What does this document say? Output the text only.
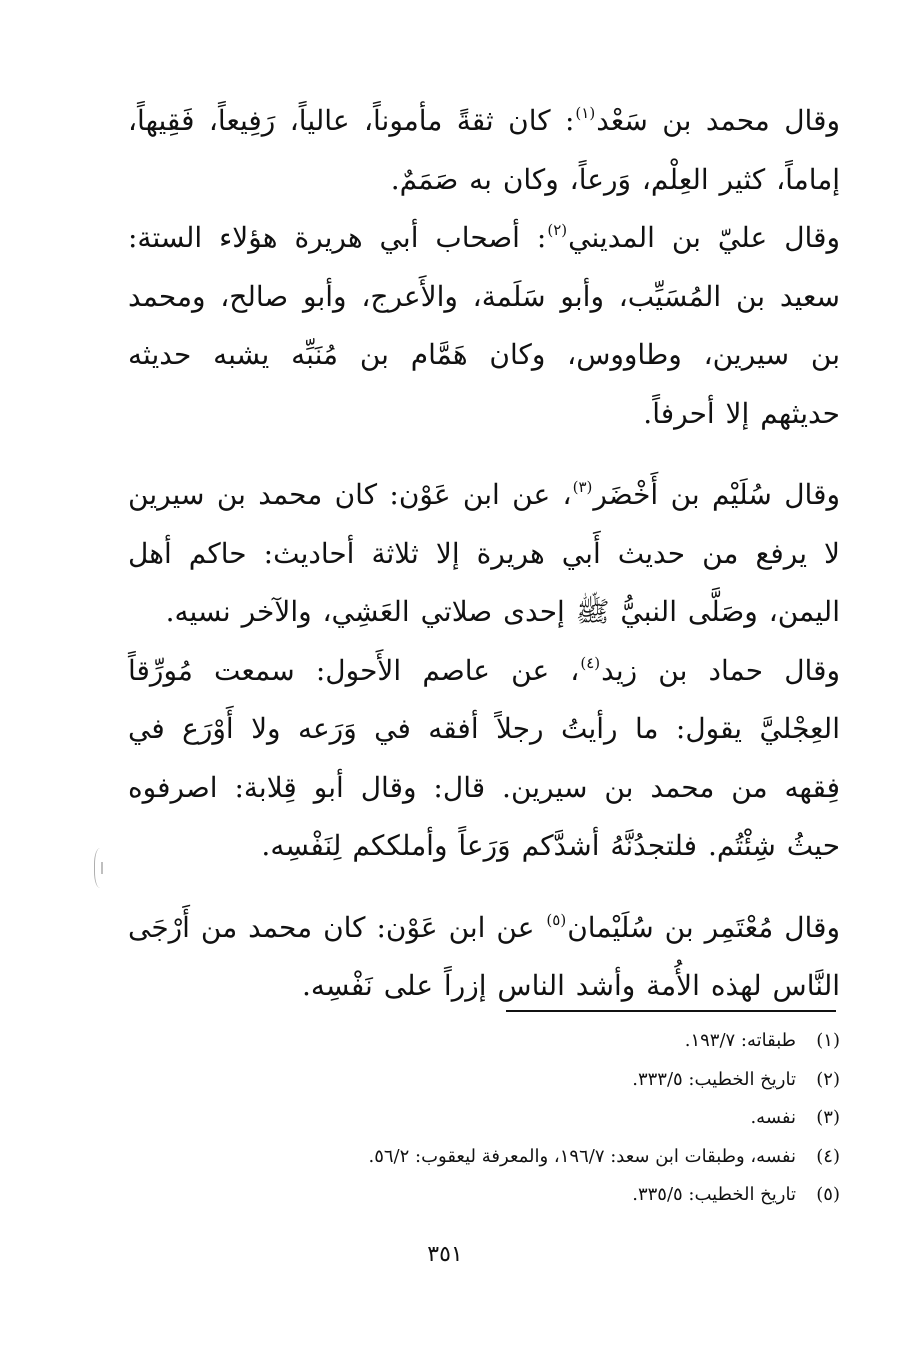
وقال محمد بن سَعْد$^{(١)}$: كان ثقةً مأموناً، عالياً، رَفِيعاً، فَقِيهاً، إماماً، كثير العِلْم، وَرعاً، وكان به صَمَمٌ.

وقال عليّ بن المديني$^{(٢)}$: أصحاب أبي هريرة هؤلاء الستة: سعيد بن المُسَيِّب، وأبو سَلَمة، والأَعرج، وأبو صالح، ومحمد بن سيرين، وطاووس، وكان هَمَّام بن مُنَبِّه يشبه حديثه حديثهم إلا أحرفاً.

وقال سُلَيْم بن أَخْضَر$^{(٣)}$، عن ابن عَوْن: كان محمد بن سيرين لا يرفع من حديث أَبي هريرة إلا ثلاثة أحاديث: حاكم أهل اليمن، وصَلَّى النبيُّ ﷺ إحدى صلاتي العَشِي، والآخر نسيه.

وقال حماد بن زيد$^{(٤)}$، عن عاصم الأَحول: سمعت مُورِّقاً العِجْليَّ يقول: ما رأيتُ رجلاً أفقه في وَرَعه ولا أَوْرَع في فِقهه من محمد بن سيرين. قال: وقال أبو قِلابة: اصرفوه حيثُ شِئْتُم. فلتجدُنَّهُ أشدَّكم وَرَعاً وأملككم لِنَفْسِه.

وقال مُعْتَمِر بن سُلَيْمان$^{(٥)}$ عن ابن عَوْن: كان محمد من أَرْجَى النَّاس لهذه الأُمة وأشد الناس إزراً على نَفْسِه.

(١)
طبقاته: ١٩٣/٧.
(٢)
تاريخ الخطيب: ٣٣٣/٥.
(٣)
نفسه.
(٤)
نفسه، وطبقات ابن سعد: ١٩٦/٧، والمعرفة ليعقوب: ٥٦/٢.
(٥)
تاريخ الخطيب: ٣٣٥/٥.
٣٥١
